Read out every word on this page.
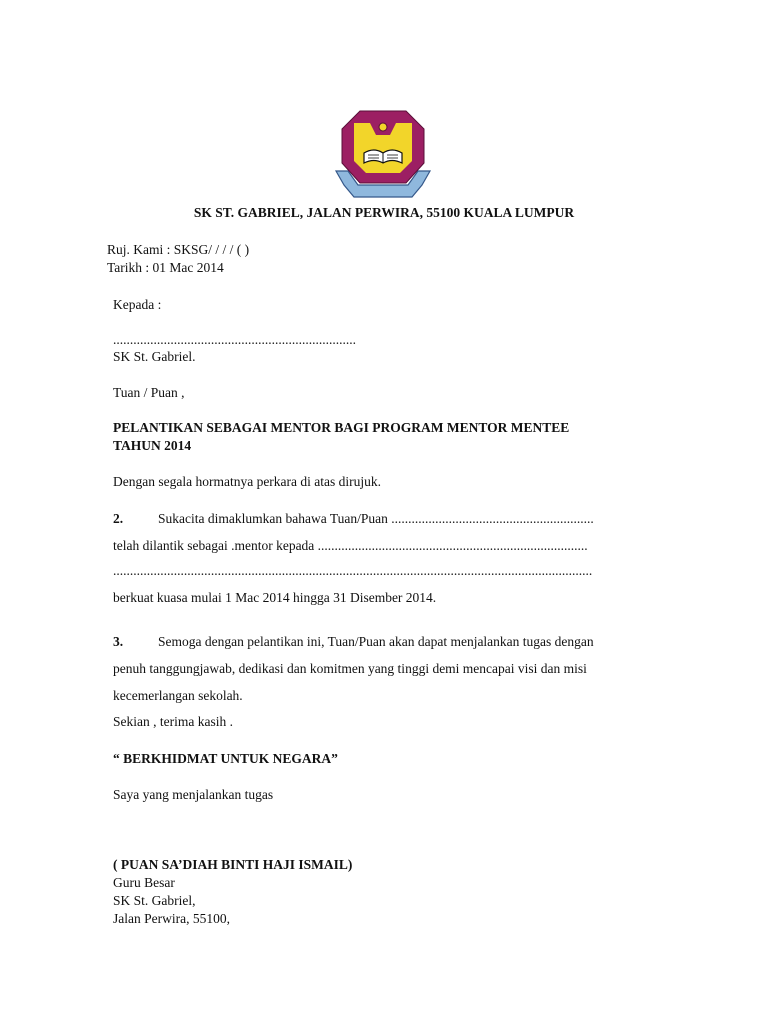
SK ST. GABRIEL, JALAN PERWIRA, 55100 KUALA LUMPUR
Ruj. Kami : SKSG/ / / / ( )
Tarikh : 01 Mac 2014
Kepada :
........................................................................
SK St. Gabriel.
Tuan / Puan ,
PELANTIKAN SEBAGAI MENTOR BAGI PROGRAM MENTOR MENTEE
TAHUN 2014
Dengan segala hormatnya perkara di atas dirujuk.
2.	Sukacita dimaklumkan bahawa Tuan/Puan ............................................................
telah dilantik sebagai .mentor kepada ................................................................................
..............................................................................................................................................
berkuat kuasa mulai 1 Mac 2014 hingga 31 Disember 2014.
3.	Semoga dengan pelantikan ini, Tuan/Puan akan dapat menjalankan tugas dengan
penuh tanggungjawab, dedikasi dan komitmen yang tinggi demi mencapai visi dan misi
kecemerlangan sekolah.
Sekian , terima kasih .
“ BERKHIDMAT UNTUK NEGARA”
Saya yang menjalankan tugas
( PUAN SA’DIAH BINTI HAJI ISMAIL)
Guru Besar
SK St. Gabriel,
Jalan Perwira, 55100,
